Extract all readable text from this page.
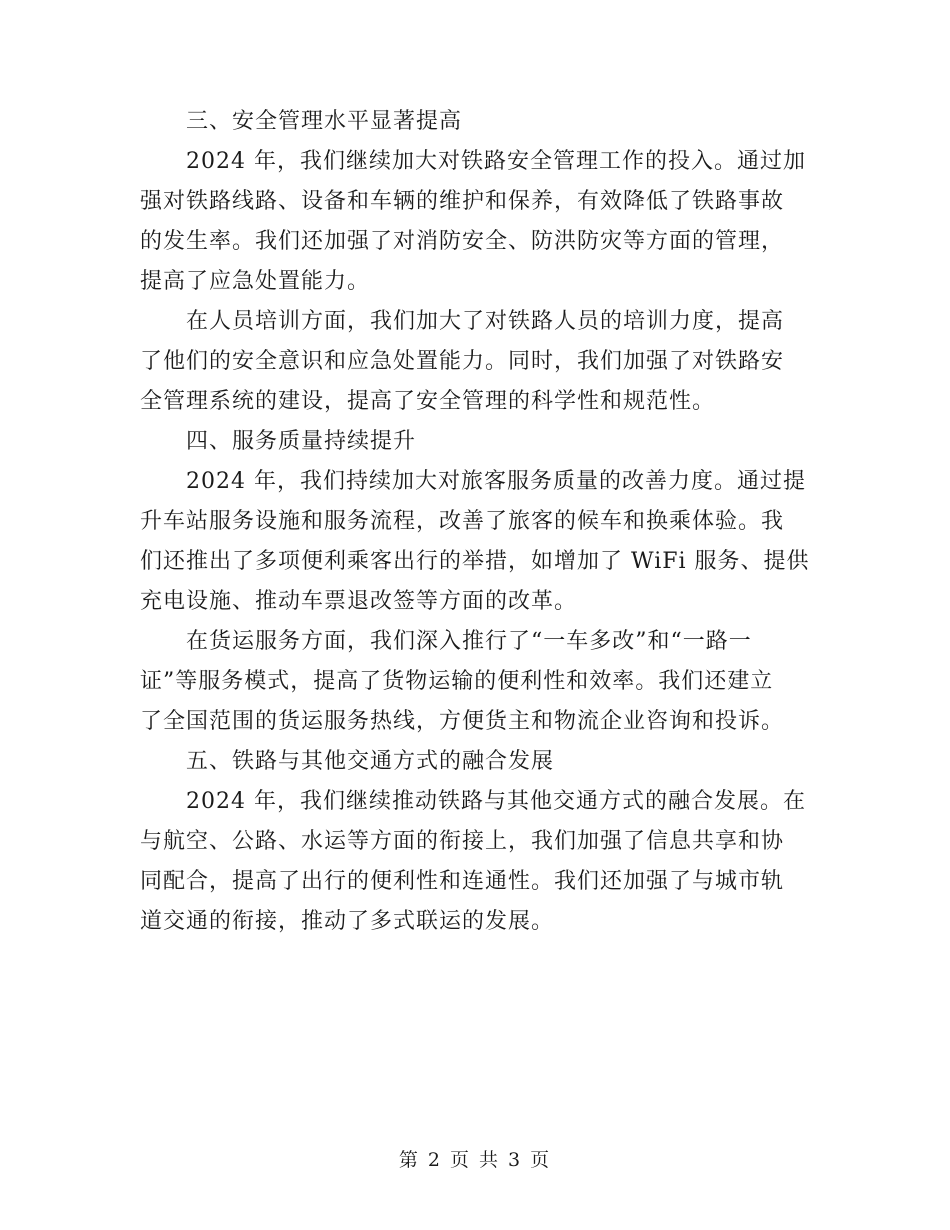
三、安全管理水平显著提高
2024 年，我们继续加大对铁路安全管理工作的投入。通过加
强对铁路线路、设备和车辆的维护和保养，有效降低了铁路事故
的发生率。我们还加强了对消防安全、防洪防灾等方面的管理，
提高了应急处置能力。
在人员培训方面，我们加大了对铁路人员的培训力度，提高
了他们的安全意识和应急处置能力。同时，我们加强了对铁路安
全管理系统的建设，提高了安全管理的科学性和规范性。
四、服务质量持续提升
2024 年，我们持续加大对旅客服务质量的改善力度。通过提
升车站服务设施和服务流程，改善了旅客的候车和换乘体验。我
们还推出了多项便利乘客出行的举措，如增加了 WiFi 服务、提供
充电设施、推动车票退改签等方面的改革。
在货运服务方面，我们深入推行了“一车多改”和“一路一
证”等服务模式，提高了货物运输的便利性和效率。我们还建立
了全国范围的货运服务热线，方便货主和物流企业咨询和投诉。
五、铁路与其他交通方式的融合发展
2024 年，我们继续推动铁路与其他交通方式的融合发展。在
与航空、公路、水运等方面的衔接上，我们加强了信息共享和协
同配合，提高了出行的便利性和连通性。我们还加强了与城市轨
道交通的衔接，推动了多式联运的发展。
第 2 页 共 3 页
